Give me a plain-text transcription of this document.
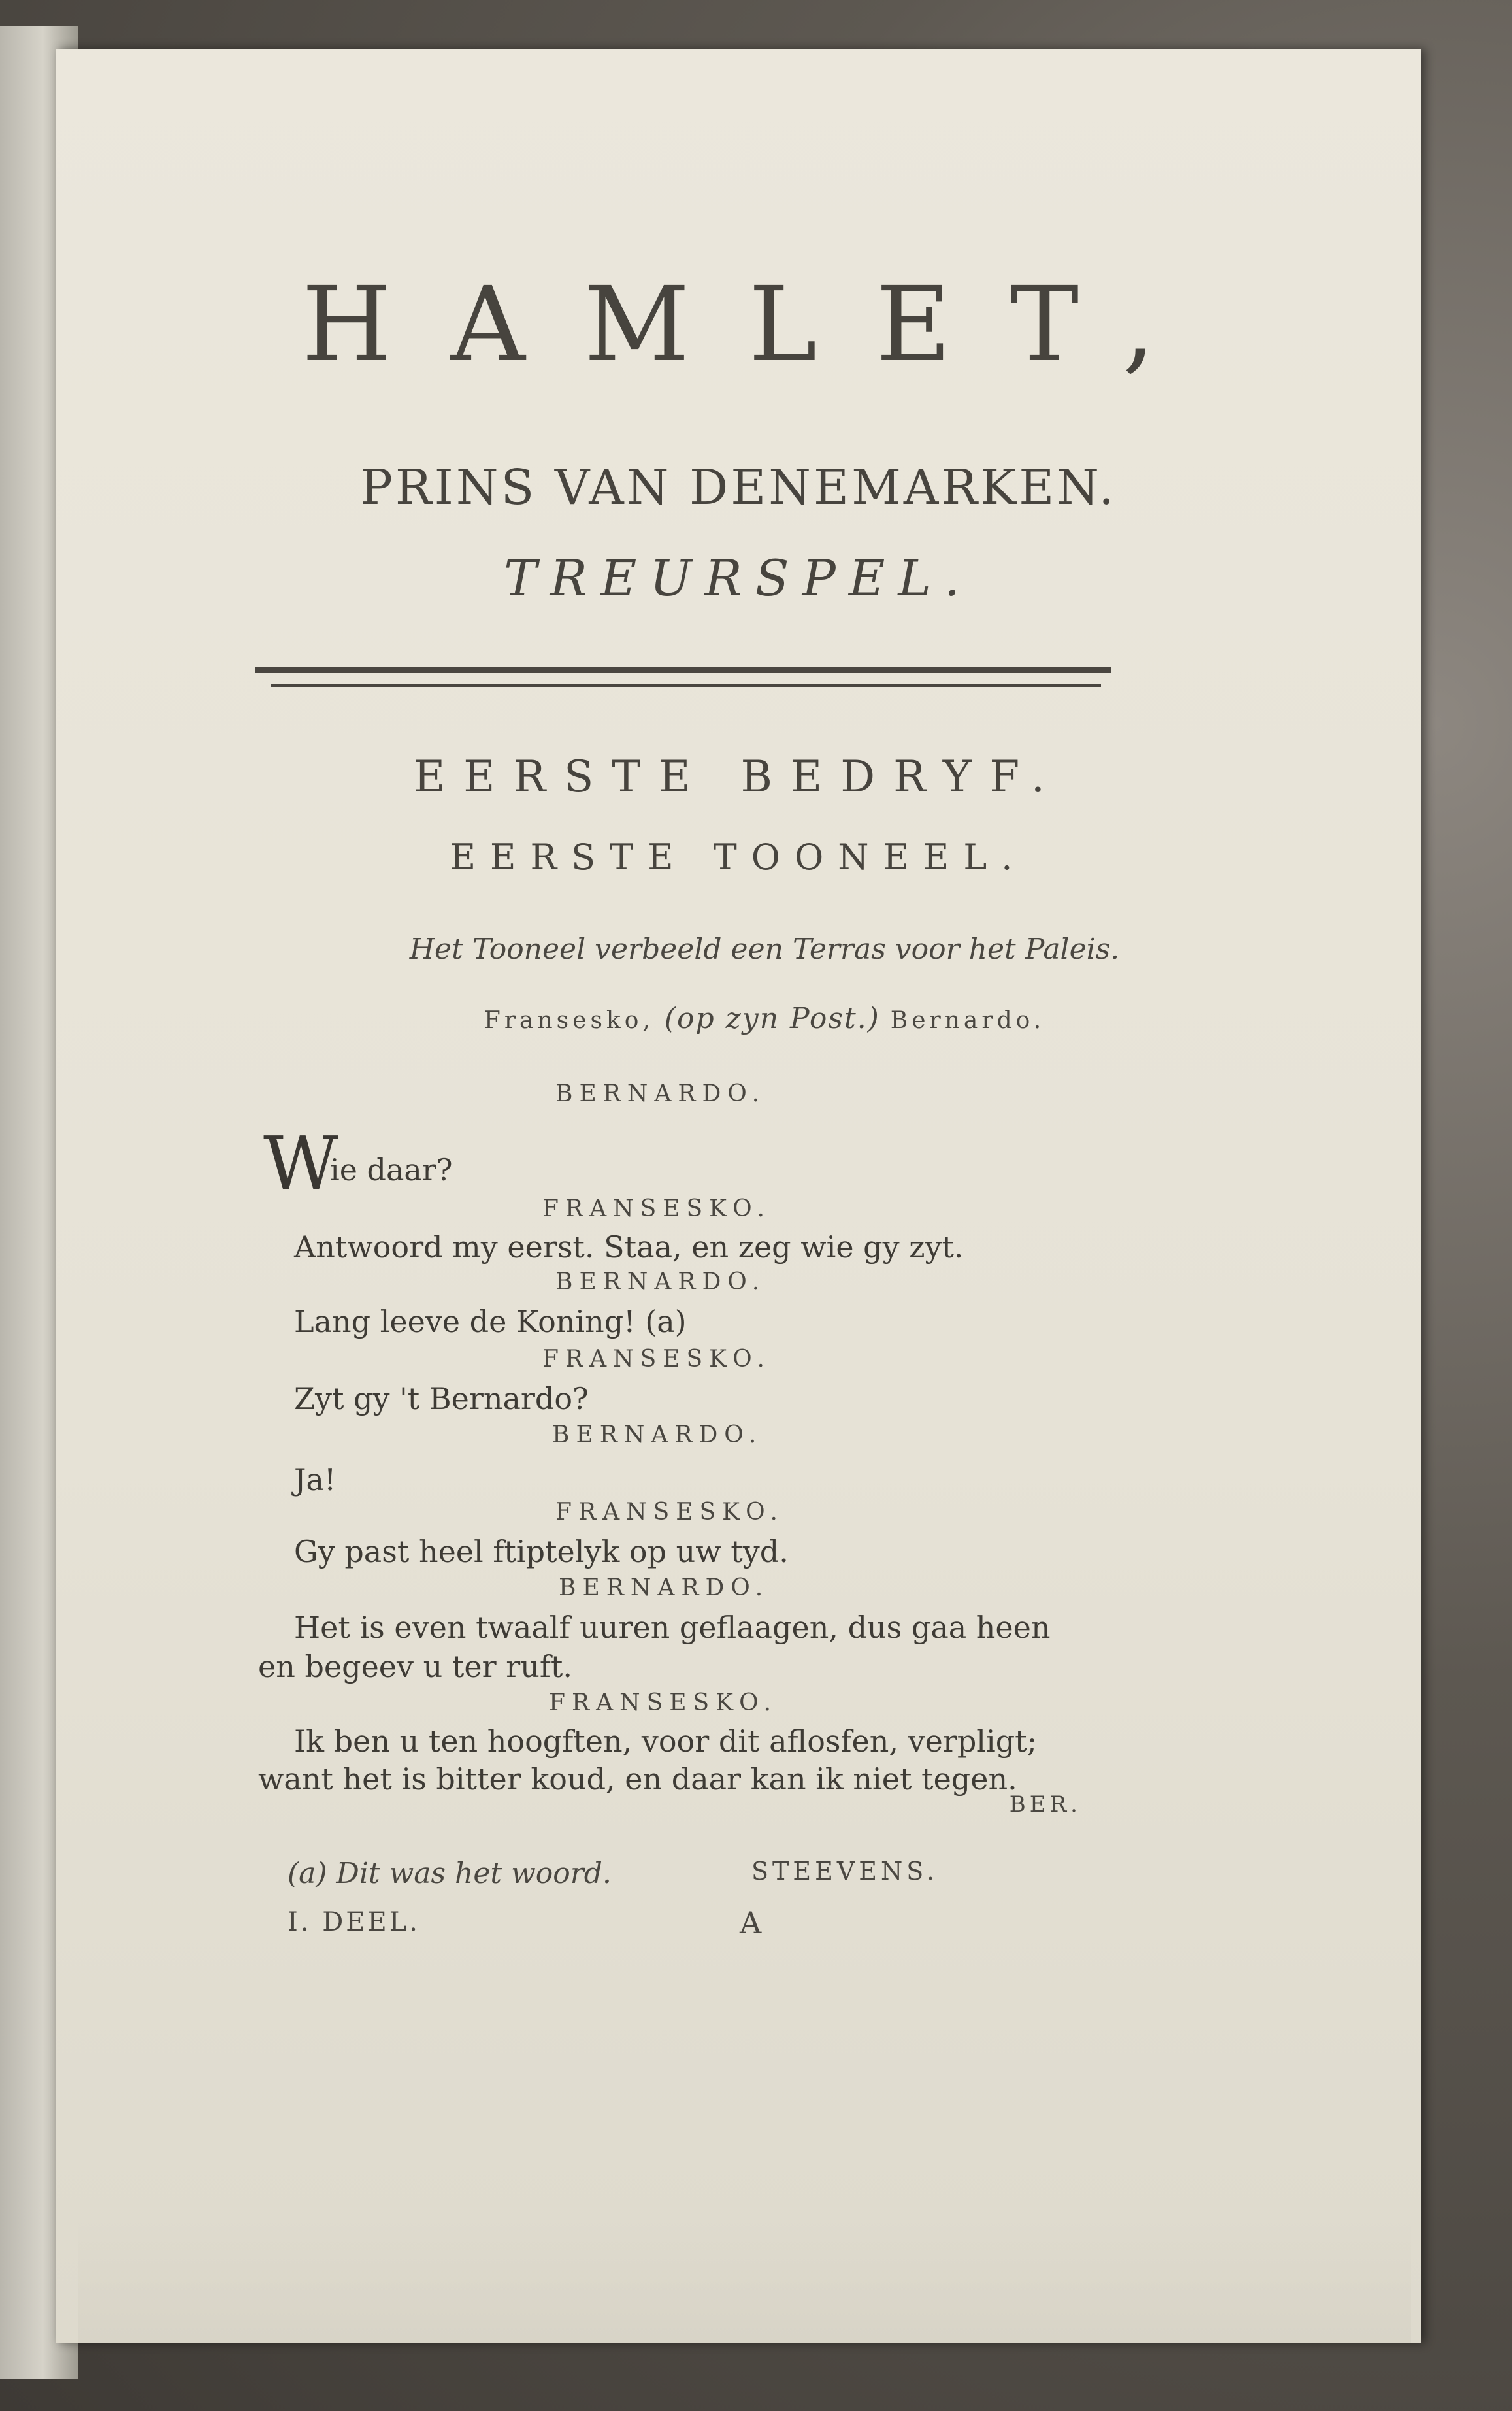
HAMLET,
PRINS VAN DENEMARKEN.
TREURSPEL.
EERSTE BEDRYF.
EERSTE TOONEEL.
Het Tooneel verbeeld een Terras voor het Paleis.
Fransesko, (op zyn Post.) Bernardo.
BERNARDO.
W
ie daar?
FRANSESKO.
Antwoord my eerst. Staa, en zeg wie gy zyt.
BERNARDO.
Lang leeve de Koning! (a)
FRANSESKO.
Zyt gy 't Bernardo?
BERNARDO.
Ja!
FRANSESKO.
Gy past heel ftiptelyk op uw tyd.
BERNARDO.
Het is even twaalf uuren geflaagen, dus gaa heen
en begeev u ter ruft.
FRANSESKO.
Ik ben u ten hoogften, voor dit aflosfen, verpligt;
want het is bitter koud, en daar kan ik niet tegen.
BER.
(a) Dit was het woord.	STEEVENS.
I. DEEL.	A
